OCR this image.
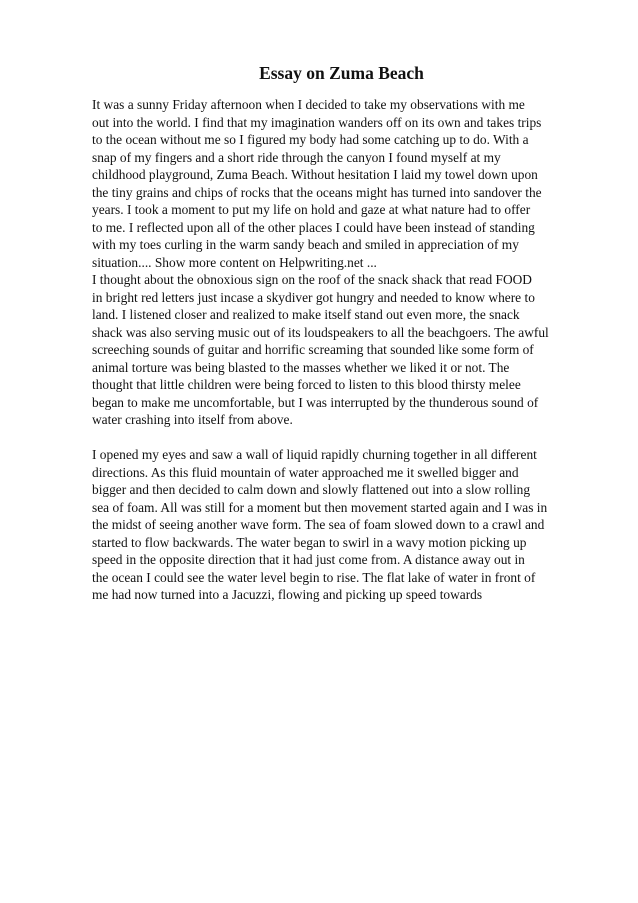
Essay on Zuma Beach
It was a sunny Friday afternoon when I decided to take my observations with me
out into the world. I find that my imagination wanders off on its own and takes trips
to the ocean without me so I figured my body had some catching up to do. With a
snap of my fingers and a short ride through the canyon I found myself at my
childhood playground, Zuma Beach. Without hesitation I laid my towel down upon
the tiny grains and chips of rocks that the oceans might has turned into sandover the
years. I took a moment to put my life on hold and gaze at what nature had to offer
to me. I reflected upon all of the other places I could have been instead of standing
with my toes curling in the warm sandy beach and smiled in appreciation of my
situation.... Show more content on Helpwriting.net ...
I thought about the obnoxious sign on the roof of the snack shack that read FOOD
in bright red letters just incase a skydiver got hungry and needed to know where to
land. I listened closer and realized to make itself stand out even more, the snack
shack was also serving music out of its loudspeakers to all the beachgoers. The awful
screeching sounds of guitar and horrific screaming that sounded like some form of
animal torture was being blasted to the masses whether we liked it or not. The
thought that little children were being forced to listen to this blood thirsty melee
began to make me uncomfortable, but I was interrupted by the thunderous sound of
water crashing into itself from above.
I opened my eyes and saw a wall of liquid rapidly churning together in all different
directions. As this fluid mountain of water approached me it swelled bigger and
bigger and then decided to calm down and slowly flattened out into a slow rolling
sea of foam. All was still for a moment but then movement started again and I was in
the midst of seeing another wave form. The sea of foam slowed down to a crawl and
started to flow backwards. The water began to swirl in a wavy motion picking up
speed in the opposite direction that it had just come from. A distance away out in
the ocean I could see the water level begin to rise. The flat lake of water in front of
me had now turned into a Jacuzzi, flowing and picking up speed towards
